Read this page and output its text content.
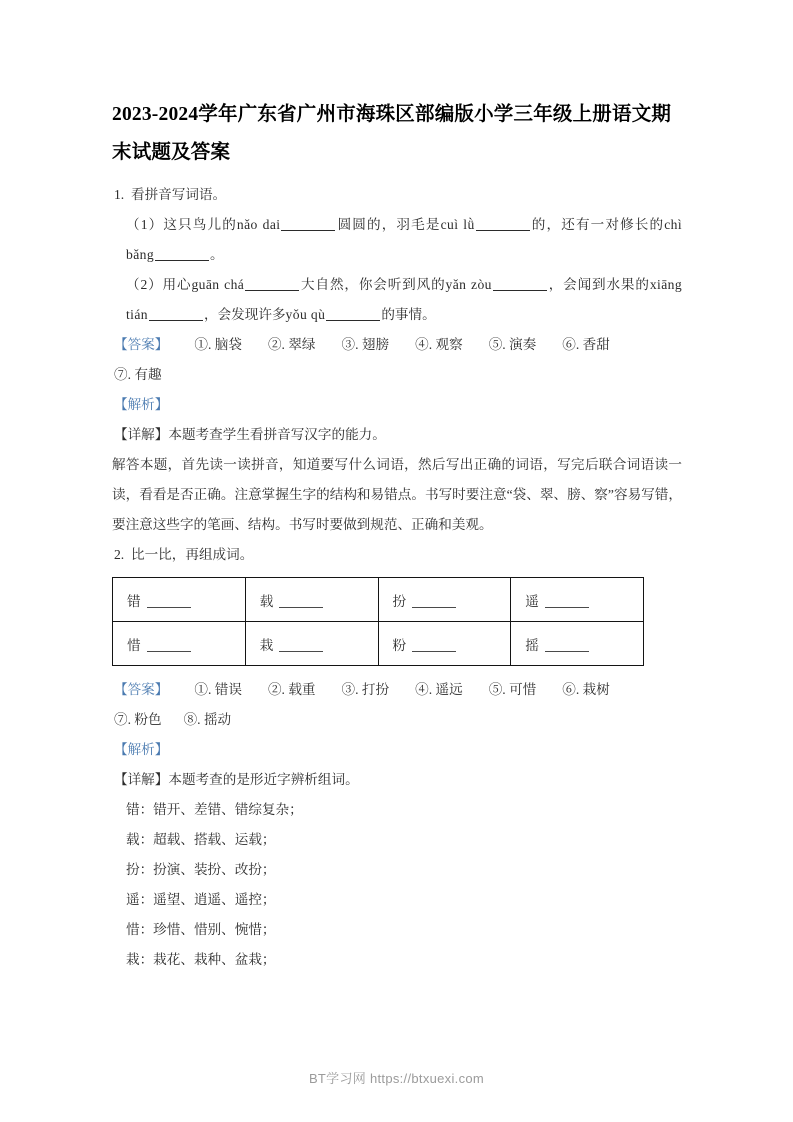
2023-2024学年广东省广州市海珠区部编版小学三年级上册语文期末试题及答案

1. 看拼音写词语。

（1）这只鸟儿的nǎo dai	圆圆的，羽毛是cuì lǜ	的，还有一对修长的chì bǎng	。

（2）用心guān chá	大自然，你会听到风的yǎn zòu	，会闻到水果的xiāng tián	，会发现许多yǒu qù	的事情。

【答案】 ①. 脑袋 ②. 翠绿 ③. 翅膀 ④. 观察 ⑤. 演奏 ⑥. 香甜

⑦. 有趣

【解析】

【详解】本题考查学生看拼音写汉字的能力。

解答本题，首先读一读拼音，知道要写什么词语，然后写出正确的词语，写完后联合词语读一读，看看是否正确。注意掌握生字的结构和易错点。书写时要注意“袋、翠、膀、察”容易写错，要注意这些字的笔画、结构。书写时要做到规范、正确和美观。

2. 比一比，再组成词。

错	载	扮	遥
惜	栽	粉	摇

【答案】 ①. 错误 ②. 载重 ③. 打扮 ④. 遥远 ⑤. 可惜 ⑥. 栽树

⑦. 粉色 ⑧. 摇动

【解析】

【详解】本题考查的是形近字辨析组词。

错：错开、差错、错综复杂；

载：超载、搭载、运载；

扮：扮演、装扮、改扮；

遥：遥望、逍遥、遥控；

惜：珍惜、惜别、惋惜；

栽：栽花、栽种、盆栽；

BT学习网 https://btxuexi.com
